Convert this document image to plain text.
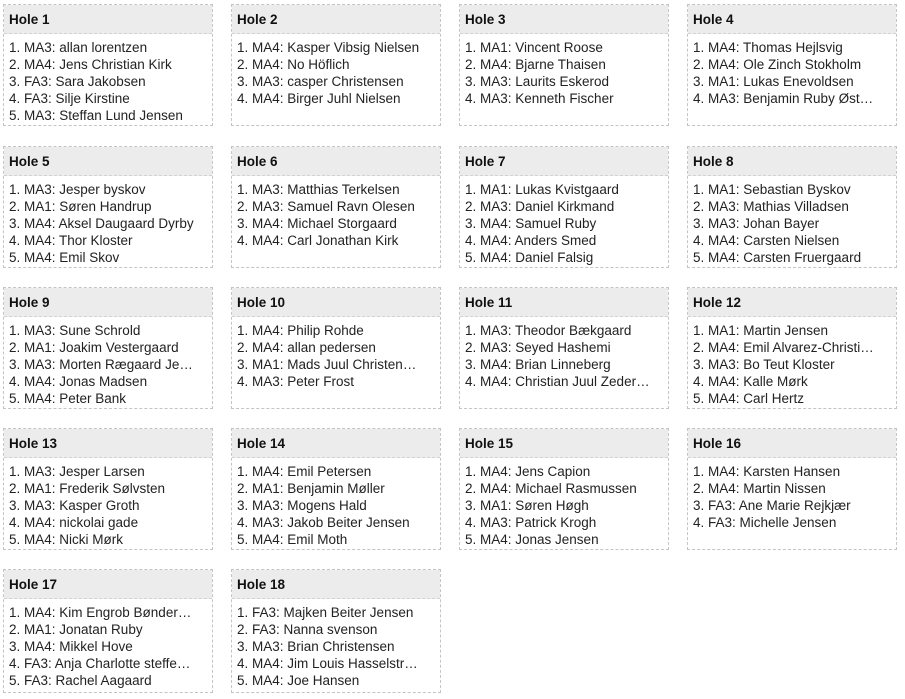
Hole 1
1. MA3: allan lorentzen
2. MA4: Jens Christian Kirk
3. FA3: Sara Jakobsen
4. FA3: Silje Kirstine
5. MA3: Steffan Lund Jensen
Hole 2
1. MA4: Kasper Vibsig Nielsen
2. MA4: No Höflich
3. MA3: casper Christensen
4. MA4: Birger Juhl Nielsen
Hole 3
1. MA1: Vincent Roose
2. MA4: Bjarne Thaisen
3. MA3: Laurits Eskerod
4. MA3: Kenneth Fischer
Hole 4
1. MA4: Thomas Hejlsvig
2. MA4: Ole Zinch Stokholm
3. MA1: Lukas Enevoldsen
4. MA3: Benjamin Ruby Øst…
Hole 5
1. MA3: Jesper byskov
2. MA1: Søren Handrup
3. MA4: Aksel Daugaard Dyrby
4. MA4: Thor Kloster
5. MA4: Emil Skov
Hole 6
1. MA3: Matthias Terkelsen
2. MA3: Samuel Ravn Olesen
3. MA4: Michael Storgaard
4. MA4: Carl Jonathan Kirk
Hole 7
1. MA1: Lukas Kvistgaard
2. MA3: Daniel Kirkmand
3. MA4: Samuel Ruby
4. MA4: Anders Smed
5. MA4: Daniel Falsig
Hole 8
1. MA1: Sebastian Byskov
2. MA3: Mathias Villadsen
3. MA3: Johan Bayer
4. MA4: Carsten Nielsen
5. MA4: Carsten Fruergaard
Hole 9
1. MA3: Sune Schrold
2. MA1: Joakim Vestergaard
3. MA3: Morten Rægaard Je…
4. MA4: Jonas Madsen
5. MA4: Peter Bank
Hole 10
1. MA4: Philip Rohde
2. MA4: allan pedersen
3. MA1: Mads Juul Christen…
4. MA3: Peter Frost
Hole 11
1. MA3: Theodor Bækgaard
2. MA3: Seyed Hashemi
3. MA4: Brian Linneberg
4. MA4: Christian Juul Zeder…
Hole 12
1. MA1: Martin Jensen
2. MA4: Emil Alvarez-Christi…
3. MA3: Bo Teut Kloster
4. MA4: Kalle Mørk
5. MA4: Carl Hertz
Hole 13
1. MA3: Jesper Larsen
2. MA1: Frederik Sølvsten
3. MA3: Kasper Groth
4. MA4: nickolai gade
5. MA4: Nicki Mørk
Hole 14
1. MA4: Emil Petersen
2. MA1: Benjamin Møller
3. MA3: Mogens Hald
4. MA3: Jakob Beiter Jensen
5. MA4: Emil Moth
Hole 15
1. MA4: Jens Capion
2. MA4: Michael Rasmussen
3. MA1: Søren Høgh
4. MA3: Patrick Krogh
5. MA4: Jonas Jensen
Hole 16
1. MA4: Karsten Hansen
2. MA4: Martin Nissen
3. FA3: Ane Marie Rejkjær
4. FA3: Michelle Jensen
Hole 17
1. MA4: Kim Engrob Bønder…
2. MA1: Jonatan Ruby
3. MA4: Mikkel Hove
4. FA3: Anja Charlotte steffe…
5. FA3: Rachel Aagaard
Hole 18
1. FA3: Majken Beiter Jensen
2. FA3: Nanna svenson
3. MA3: Brian Christensen
4. MA4: Jim Louis Hasselstr…
5. MA4: Joe Hansen
